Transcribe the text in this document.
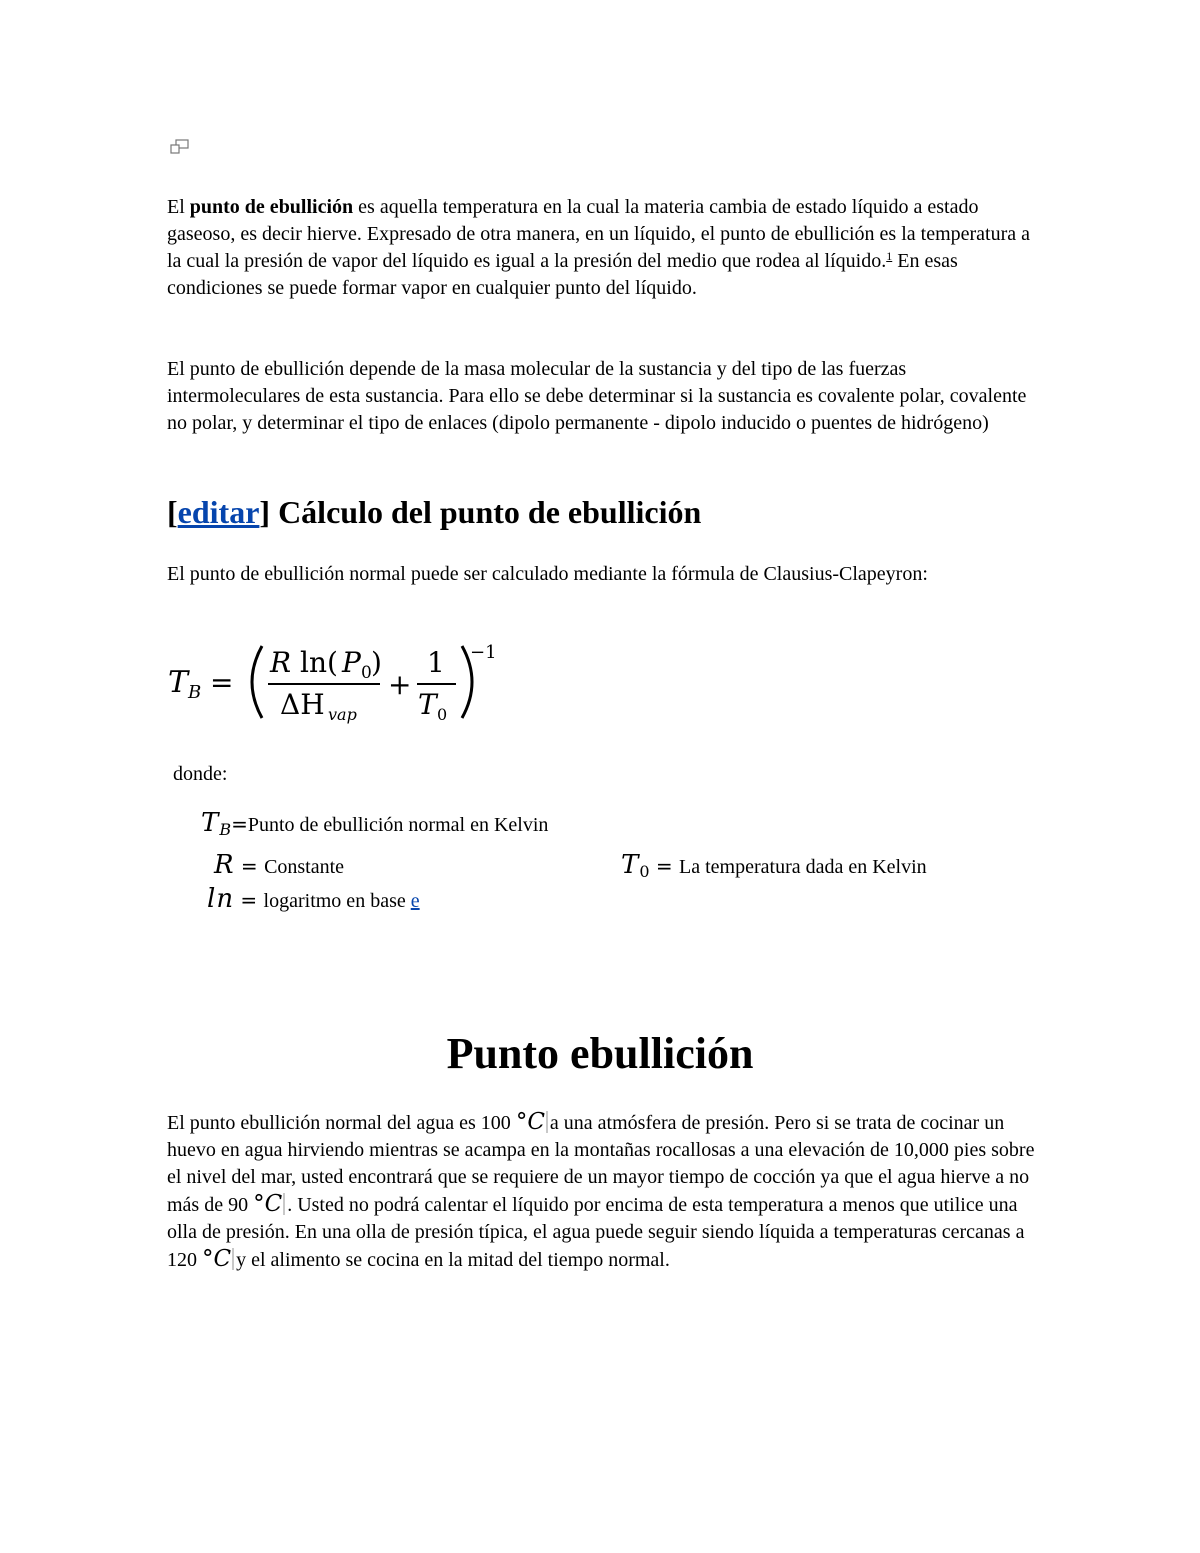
El punto de ebullición es aquella temperatura en la cual la materia cambia de estado líquido a estado gaseoso, es decir hierve. Expresado de otra manera, en un líquido, el punto de ebullición es la temperatura a la cual la presión de vapor del líquido es igual a la presión del medio que rodea al líquido.$^1$ En esas condiciones se puede formar vapor en cualquier punto del líquido.
El punto de ebullición depende de la masa molecular de la sustancia y del tipo de las fuerzas intermoleculares de esta sustancia. Para ello se debe determinar si la sustancia es covalente polar, covalente no polar, y determinar el tipo de enlaces (dipolo permanente - dipolo inducido o puentes de hidrógeno)
[editar] Cálculo del punto de ebullición
El punto de ebullición normal puede ser calculado mediante la fórmula de Clausius-Clapeyron:
T B =
R ln( P 0 )
ΔH vap
+
1
T 0
−1
donde:
$T_B=Punto$ de ebullición normal en Kelvin
R = Constante	$T_0 = La$ temperatura dada en Kelvin
ln = logaritmo en base e
Punto ebullición
El punto ebullición normal del agua es 100 °C a una atmósfera de presión. Pero si se trata de cocinar un huevo en agua hirviendo mientras se acampa en la montañas rocallosas a una elevación de 10,000 pies sobre el nivel del mar, usted encontrará que se requiere de un mayor tiempo de cocción ya que el agua hierve a no más de 90 °C . Usted no podrá calentar el líquido por encima de esta temperatura a menos que utilice una olla de presión. En una olla de presión típica, el agua puede seguir siendo líquida a temperaturas cercanas a 120 °C y el alimento se cocina en la mitad del tiempo normal.
